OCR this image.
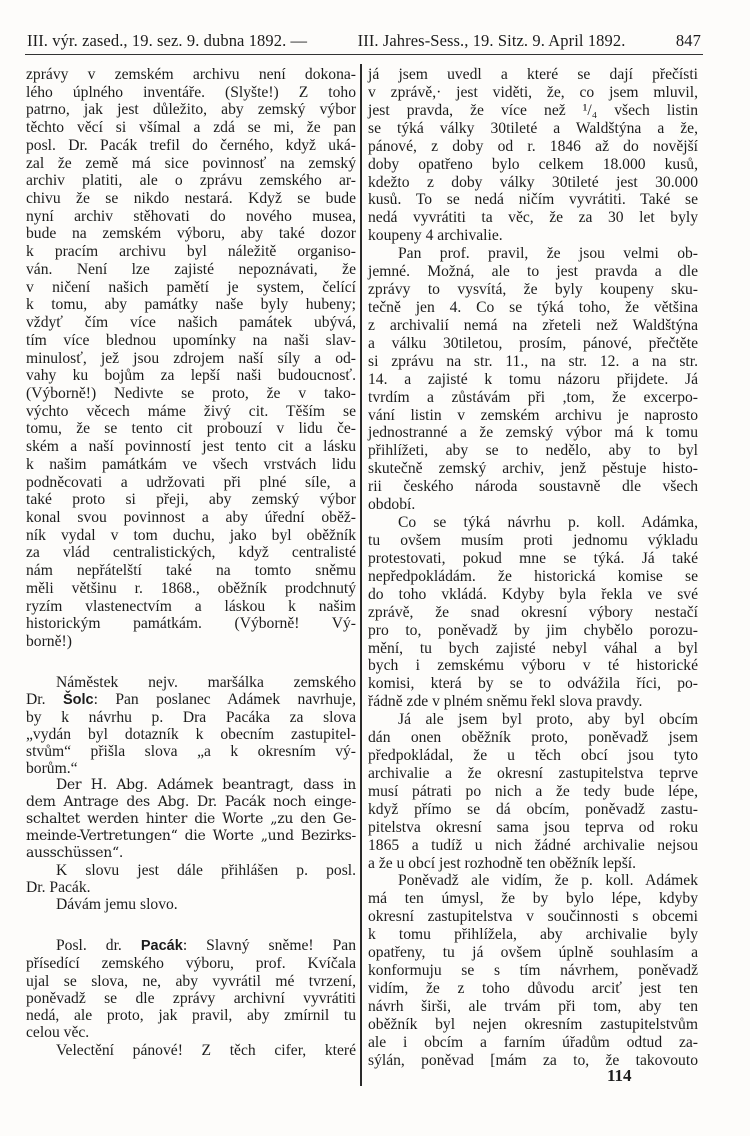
III. výr. zased., 19. sez. 9. dubna 1892. —	III. Jahres-Sess., 19. Sitz. 9. April 1892.	847
zprávy v zemském archivu není dokona-
lého úplného inventáře. (Slyšte!) Z toho
patrno, jak jest důležito, aby zemský výbor
těchto věcí si všímal a zdá se mi, že pan
posl. Dr. Pacák trefil do černého, když uká-
zal že země má sice povinnosť na zemský
archiv platiti, ale o zprávu zemského ar-
chivu že se nikdo nestará. Když se bude
nyní archiv stěhovati do nového musea,
bude na zemském výboru, aby také dozor
k pracím archivu byl náležitě organiso-
ván. Není lze zajisté nepoznávati, že
v ničení našich pamětí je system, čelící
k tomu, aby památky naše byly hubeny;
vždyť čím více našich památek ubývá,
tím více blednou upomínky na naši slav-
minulosť, jež jsou zdrojem naší síly a od-
vahy ku bojům za lepší naši budoucnosť.
(Výborně!) Nedivte se proto, že v tako-
výchto věcech máme živý cit. Těším se
tomu, že se tento cit probouzí v lidu če-
ském a naší povinností jest tento cit a lásku
k našim památkám ve všech vrstvách lidu
podněcovati a udržovati při plné síle, a
také proto si přeji, aby zemský výbor
konal svou povinnost a aby úřední oběž-
ník vydal v tom duchu, jako byl oběžník
za vlád centralistických, když centralisté
nám nepřátelští také na tomto sněmu
měli většinu r. 1868., oběžník prodchnutý
ryzím vlastenectvím a láskou k našim
historickým památkám. (Výborně! Vý-
borně!)
Náměstek nejv. maršálka zemského
Dr. Šolc: Pan poslanec Adámek navrhuje,
by k návrhu p. Dra Pacáka za slova
„vydán byl dotazník k obecním zastupitel-
stvům“ přišla slova „a k okresním vý-
borům.“
Der H. Abg. Adámek beantragt, dass in
dem Antrage des Abg. Dr. Pacák noch einge-
schaltet werden hinter die Worte „zu den Ge-
meinde-Vertretungen“ die Worte „und Bezirks-
ausschüssen“.
K slovu jest dále přihlášen p. posl.
Dr. Pacák.
Dávám jemu slovo.
Posl. dr. Pacák: Slavný sněme! Pan
přísedící zemského výboru, prof. Kvíčala
ujal se slova, ne, aby vyvrátil mé tvrzení,
poněvadž se dle zprávy archivní vyvrátiti
nedá, ale proto, jak pravil, aby zmírnil tu
celou věc.
Velectění pánové! Z těch cifer, které
já jsem uvedl a které se dají přečísti
v zprávě,· jest viděti, že, co jsem mluvil,
jest pravda, že více než ¹/₄ všech listin
se týká války 30tileté a Waldštýna a že,
pánové, z doby od r. 1846 až do novější
doby opatřeno bylo celkem 18.000 kusů,
kdežto z doby války 30tileté jest 30.000
kusů. To se nedá ničím vyvrátiti. Také se
nedá vyvrátiti ta věc, že za 30 let byly
koupeny 4 archivalie.
Pan prof. pravil, že jsou velmi ob-
jemné. Možná, ale to jest pravda a dle
zprávy to vysvítá, že byly koupeny sku-
tečně jen 4. Co se týká toho, že většina
z archivalií nemá na zřeteli než Waldštýna
a válku 30tiletou, prosím, pánové, přečtěte
si zprávu na str. 11., na str. 12. a na str.
14. a zajisté k tomu názoru přijdete. Já
tvrdím a zůstávám při ,tom, že excerpo-
vání listin v zemském archivu je naprosto
jednostranné a že zemský výbor má k tomu
přihlížeti, aby se to nedělo, aby to byl
skutečně zemský archiv, jenž pěstuje histo-
rii českého národa soustavně dle všech
období.
Co se týká návrhu p. koll. Adámka,
tu ovšem musím proti jednomu výkladu
protestovati, pokud mne se týká. Já také
nepředpokládám. že historická komise se
do toho vkládá. Kdyby byla řekla ve své
zprávě, že snad okresní výbory nestačí
pro to, poněvadž by jim chybělo porozu-
mění, tu bych zajisté nebyl váhal a byl
bych i zemskému výboru v té historické
komisi, která by se to odvážila říci, po-
řádně zde v plném sněmu řekl slova pravdy.
Já ale jsem byl proto, aby byl obcím
dán onen oběžník proto, poněvadž jsem
předpokládal, že u těch obcí jsou tyto
archivalie a že okresní zastupitelstva teprve
musí pátrati po nich a že tedy bude lépe,
když přímo se dá obcím, poněvadž zastu-
pitelstva okresní sama jsou teprva od roku
1865 a tudíž u nich žádné archivalie nejsou
a že u obcí jest rozhodně ten oběžník lepší.
Poněvadž ale vidím, že p. koll. Adámek
má ten úmysl, že by bylo lépe, kdyby
okresní zastupitelstva v součinnosti s obcemi
k tomu přihlížela, aby archivalie byly
opatřeny, tu já ovšem úplně souhlasím a
konformuju se s tím návrhem, poněvadž
vidím, že z toho důvodu arciť jest ten
návrh širši, ale trvám při tom, aby ten
oběžník byl nejen okresním zastupitelstvům
ale i obcím a farním úřadům odtud za-
sýlán, poněvad [mám za to, že takovouto
114
